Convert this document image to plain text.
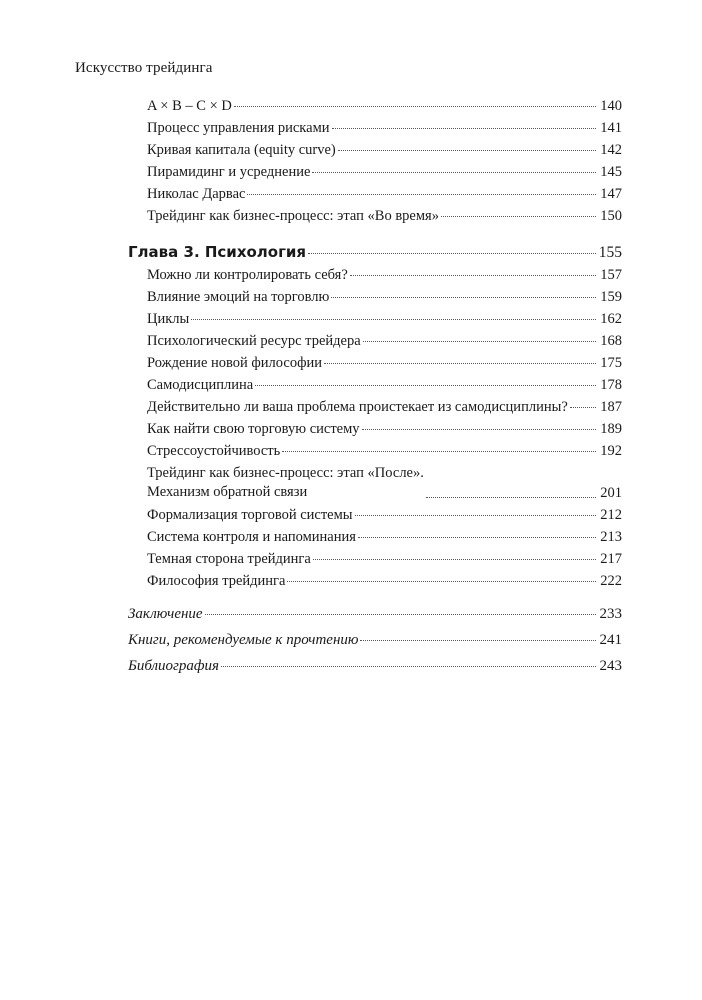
Искусство трейдинга
A × B – C × D	140
Процесс управления рисками	141
Кривая капитала (equity curve)	142
Пирамидинг и усреднение	145
Николас Дарвас	147
Трейдинг как бизнес-процесс: этап «Во время»	150
Глава 3. Психология	155
Можно ли контролировать себя?	157
Влияние эмоций на торговлю	159
Циклы	162
Психологический ресурс трейдера	168
Рождение новой философии	175
Самодисциплина	178
Действительно ли ваша проблема проистекает из самодисциплины? 187
Как найти свою торговую систему	189
Стрессоустойчивость	192
Трейдинг как бизнес-процесс: этап «После».
Механизм обратной связи	201
Формализация торговой системы	212
Система контроля и напоминания	213
Темная сторона трейдинга	217
Философия трейдинга	222
Заключение	233
Книги, рекомендуемые к прочтению	241
Библиография	243
